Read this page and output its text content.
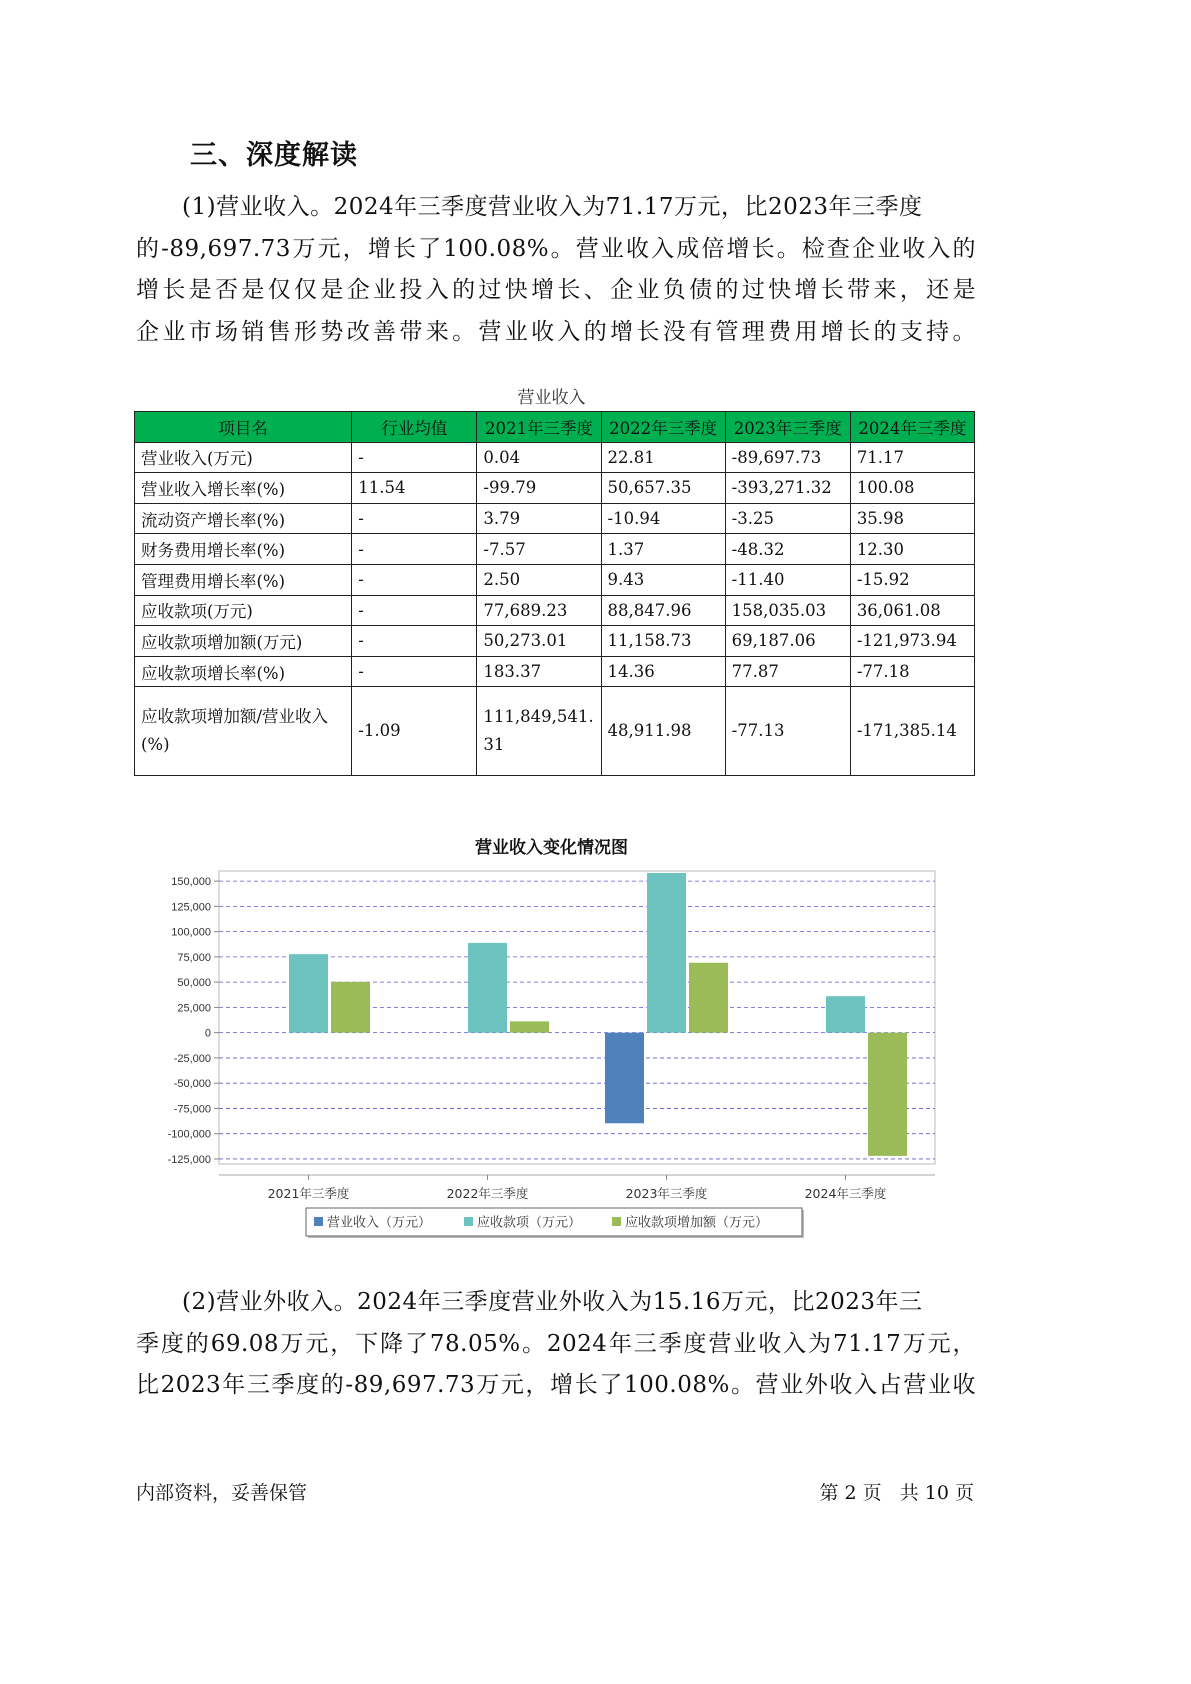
三、深度解读
(1)营业收入。2024年三季度营业收入为71.17万元，比2023年三季度
的-89,697.73万元，增长了100.08%。营业收入成倍增长。检查企业收入的
增长是否是仅仅是企业投入的过快增长、企业负债的过快增长带来，还是
企业市场销售形势改善带来。营业收入的增长没有管理费用增长的支持。
营业收入
项目名	行业均值	2021年三季度	2022年三季度	2023年三季度	2024年三季度
营业收入(万元)	-	0.04	22.81	-89,697.73	71.17
营业收入增长率(%)	11.54	-99.79	50,657.35	-393,271.32	100.08
流动资产增长率(%)	-	3.79	-10.94	-3.25	35.98
财务费用增长率(%)	-	-7.57	1.37	-48.32	12.30
管理费用增长率(%)	-	2.50	9.43	-11.40	-15.92
应收款项(万元)	-	77,689.23	88,847.96	158,035.03	36,061.08
应收款项增加额(万元)	-	50,273.01	11,158.73	69,187.06	-121,973.94
应收款项增长率(%)	-	183.37	14.36	77.87	-77.18
应收款项增加额/营业收入(%)	-1.09	111,849,541.31	48,911.98	-77.13	-171,385.14
营业收入变化情况图
150,000
125,000
100,000
75,000
50,000
25,000
0
-25,000
-50,000
-75,000
-100,000
-125,000
2021年三季度	2022年三季度	2023年三季度	2024年三季度
营业收入（万元）	应收款项（万元）	应收款项增加额（万元）
(2)营业外收入。2024年三季度营业外收入为15.16万元，比2023年三
季度的69.08万元，下降了78.05%。2024年三季度营业收入为71.17万元，
比2023年三季度的-89,697.73万元，增长了100.08%。营业外收入占营业收
内部资料，妥善保管	第 2 页   共 10 页
